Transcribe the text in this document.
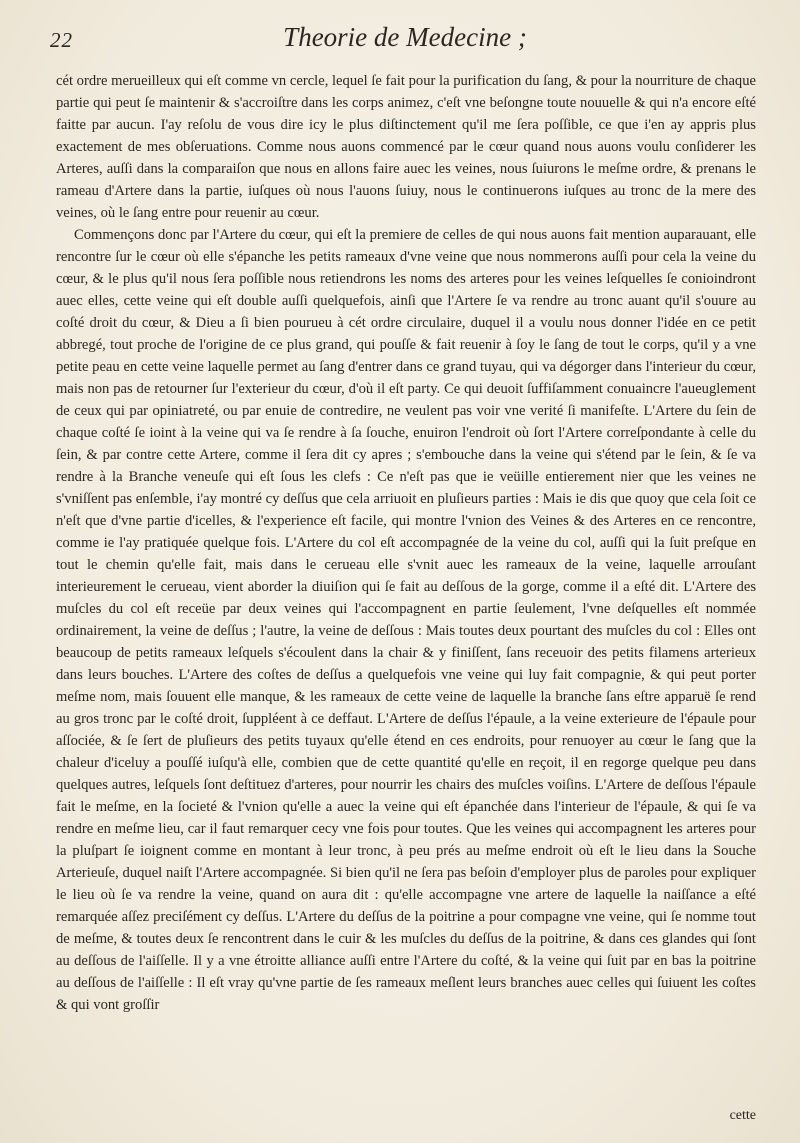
22	Theorie de Medecine ;

cét ordre merueilleux qui eſt comme vn cercle, lequel ſe fait pour la purification du ſang, & pour la nourriture de chaque partie qui peut ſe maintenir & s'accroiſtre dans les corps animez, c'eſt vne beſongne toute nouuelle & qui n'a encore eſté faitte par aucun. I'ay reſolu de vous dire icy le plus diſtinctement qu'il me ſera poſſible, ce que i'en ay appris plus exactement de mes obſeruations. Comme nous auons commencé par le cœur quand nous auons voulu conſiderer les Arteres, auſſi dans la comparaiſon que nous en allons faire auec les veines, nous ſuiurons le meſme ordre, & prenans le rameau d'Artere dans la partie, iuſques où nous l'auons ſuiuy, nous le continuerons iuſques au tronc de la mere des veines, où le ſang entre pour reuenir au cœur.

Commençons donc par l'Artere du cœur, qui eſt la premiere de celles de qui nous auons fait mention auparauant, elle rencontre ſur le cœur où elle s'épanche les petits rameaux d'vne veine que nous nommerons auſſi pour cela la veine du cœur, & le plus qu'il nous ſera poſſible nous retiendrons les noms des arteres pour les veines leſquelles ſe conioindront auec elles, cette veine qui eſt double auſſi quelquefois, ainſi que l'Artere ſe va rendre au tronc auant qu'il s'ouure au coſté droit du cœur, & Dieu a ſi bien pourueu à cét ordre circulaire, duquel il a voulu nous donner l'idée en ce petit abbregé, tout proche de l'origine de ce plus grand, qui pouſſe & fait reuenir à ſoy le ſang de tout le corps, qu'il y a vne petite peau en cette veine laquelle permet au ſang d'entrer dans ce grand tuyau, qui va dégorger dans l'interieur du cœur, mais non pas de retourner ſur l'exterieur du cœur, d'où il eſt party. Ce qui deuoit ſuffiſamment conuaincre l'aueuglement de ceux qui par opiniatreté, ou par enuie de contredire, ne veulent pas voir vne verité ſi manifeſte. L'Artere du ſein de chaque coſté ſe ioint à la veine qui va ſe rendre à ſa ſouche, enuiron l'endroit où ſort l'Artere correſpondante à celle du ſein, & par contre cette Artere, comme il ſera dit cy apres ; s'embouche dans la veine qui s'étend par le ſein, & ſe va rendre à la Branche veneuſe qui eſt ſous les clefs : Ce n'eſt pas que ie veüille entierement nier que les veines ne s'vniſſent pas enſemble, i'ay montré cy deſſus que cela arriuoit en pluſieurs parties : Mais ie dis que quoy que cela ſoit ce n'eſt que d'vne partie d'icelles, & l'experience eſt facile, qui montre l'vnion des Veines & des Arteres en ce rencontre, comme ie l'ay pratiquée quelque fois. L'Artere du col eſt accompagnée de la veine du col, auſſi qui la ſuit preſque en tout le chemin qu'elle fait, mais dans le cerueau elle s'vnit auec les rameaux de la veine, laquelle arrouſant interieurement le cerueau, vient aborder la diuiſion qui ſe fait au deſſous de la gorge, comme il a eſté dit. L'Artere des muſcles du col eſt receüe par deux veines qui l'accompagnent en partie ſeulement, l'vne deſquelles eſt nommée ordinairement, la veine de deſſus ; l'autre, la veine de deſſous : Mais toutes deux pourtant des muſcles du col : Elles ont beaucoup de petits rameaux leſquels s'écoulent dans la chair & y finiſſent, ſans receuoir des petits filamens arterieux dans leurs bouches. L'Artere des coſtes de deſſus a quelquefois vne veine qui luy fait compagnie, & qui peut porter meſme nom, mais ſouuent elle manque, & les rameaux de cette veine de laquelle la branche ſans eſtre apparuë ſe rend au gros tronc par le coſté droit, ſuppléent à ce deffaut. L'Artere de deſſus l'épaule, a la veine exterieure de l'épaule pour aſſociée, & ſe ſert de pluſieurs des petits tuyaux qu'elle étend en ces endroits, pour renuoyer au cœur le ſang que la chaleur d'iceluy a pouſſé iuſqu'à elle, combien que de cette quantité qu'elle en reçoit, il en regorge quelque peu dans quelques autres, leſquels ſont deſtituez d'arteres, pour nourrir les chairs des muſcles voiſins. L'Artere de deſſous l'épaule fait le meſme, en la ſocieté & l'vnion qu'elle a auec la veine qui eſt épanchée dans l'interieur de l'épaule, & qui ſe va rendre en meſme lieu, car il faut remarquer cecy vne fois pour toutes. Que les veines qui accompagnent les arteres pour la pluſpart ſe ioignent comme en montant à leur tronc, à peu prés au meſme endroit où eſt le lieu dans la Souche Arterieuſe, duquel naiſt l'Artere accompagnée. Si bien qu'il ne ſera pas beſoin d'employer plus de paroles pour expliquer le lieu où ſe va rendre la veine, quand on aura dit : qu'elle accompagne vne artere de laquelle la naiſſance a eſté remarquée aſſez preciſément cy deſſus. L'Artere du deſſus de la poitrine a pour compagne vne veine, qui ſe nomme tout de meſme, & toutes deux ſe rencontrent dans le cuir & les muſcles du deſſus de la poitrine, & dans ces glandes qui ſont au deſſous de l'aiſſelle. Il y a vne étroitte alliance auſſi entre l'Artere du coſté, & la veine qui ſuit par en bas la poitrine au deſſous de l'aiſſelle : Il eſt vray qu'vne partie de ſes rameaux meſlent leurs branches auec celles qui ſuiuent les coſtes & qui vont groſſir

cette
